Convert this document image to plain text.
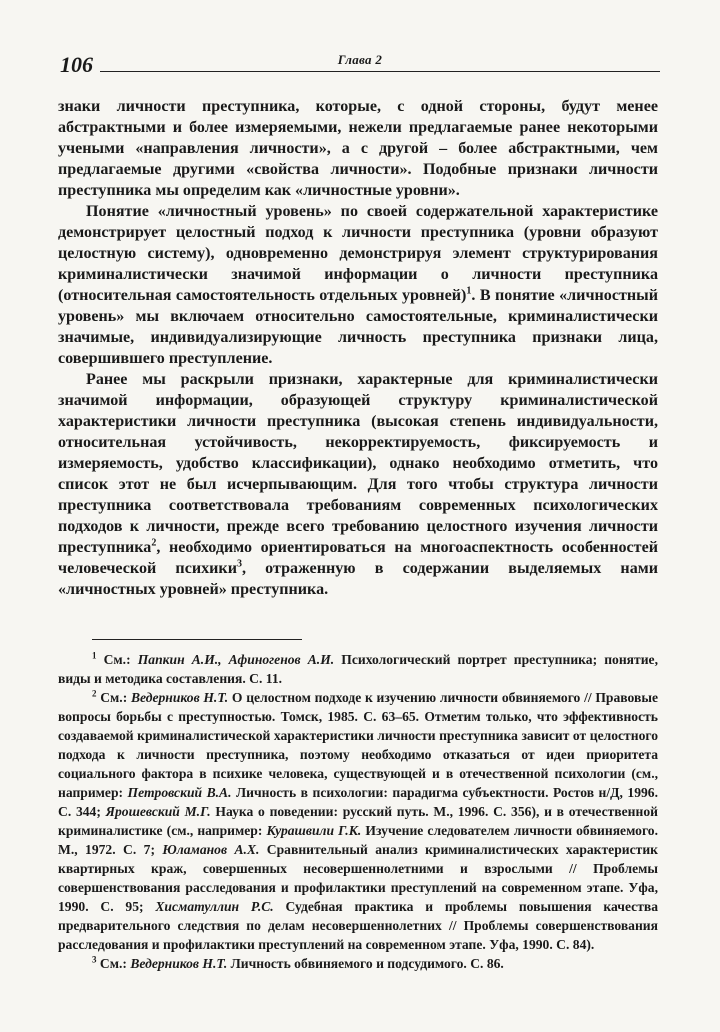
106	Глава 2

знаки личности преступника, которые, с одной стороны, будут менее абстрактными и более измеряемыми, нежели предлагаемые ранее некоторыми учеными «направления личности», а с другой – более абстрактными, чем предлагаемые другими «свойства личности». Подобные признаки личности преступника мы определим как «личностные уровни».

Понятие «личностный уровень» по своей содержательной характеристике демонстрирует целостный подход к личности преступника (уровни образуют целостную систему), одновременно демонстрируя элемент структурирования криминалистически значимой информации о личности преступника (относительная самостоятельность отдельных уровней)$^1$. В понятие «личностный уровень» мы включаем относительно самостоятельные, криминалистически значимые, индивидуализирующие личность преступника признаки лица, совершившего преступление.

Ранее мы раскрыли признаки, характерные для криминалистически значимой информации, образующей структуру криминалистической характеристики личности преступника (высокая степень индивидуальности, относительная устойчивость, некорректируемость, фиксируемость и измеряемость, удобство классификации), однако необходимо отметить, что список этот не был исчерпывающим. Для того чтобы структура личности преступника соответствовала требованиям современных психологических подходов к личности, прежде всего требованию целостного изучения личности преступника$^2$, необходимо ориентироваться на многоаспектность особенностей человеческой психики$^3$, отраженную в содержании выделяемых нами «личностных уровней» преступника.

$^1$ См.: Папкин А.И., Афиногенов А.И. Психологический портрет преступника; понятие, виды и методика составления. С. 11.

$^2$ См.: Ведерников Н.Т. О целостном подходе к изучению личности обвиняемого // Правовые вопросы борьбы с преступностью. Томск, 1985. С. 63–65. Отметим только, что эффективность создаваемой криминалистической характеристики личности преступника зависит от целостного подхода к личности преступника, поэтому необходимо отказаться от идеи приоритета социального фактора в психике человека, существующей и в отечественной психологии (см., например: Петровский В.А. Личность в психологии: парадигма субъектности. Ростов н/Д, 1996. С. 344; Ярошевский М.Г. Наука о поведении: русский путь. М., 1996. С. 356), и в отечественной криминалистике (см., например: Курашвили Г.К. Изучение следователем личности обвиняемого. М., 1972. С. 7; Юламанов А.Х. Сравнительный анализ криминалистических характеристик квартирных краж, совершенных несовершеннолетними и взрослыми // Проблемы совершенствования расследования и профилактики преступлений на современном этапе. Уфа, 1990. С. 95; Хисматуллин Р.С. Судебная практика и проблемы повышения качества предварительного следствия по делам несовершеннолетних // Проблемы совершенствования расследования и профилактики преступлений на современном этапе. Уфа, 1990. С. 84).

$^3$ См.: Ведерников Н.Т. Личность обвиняемого и подсудимого. С. 86.
